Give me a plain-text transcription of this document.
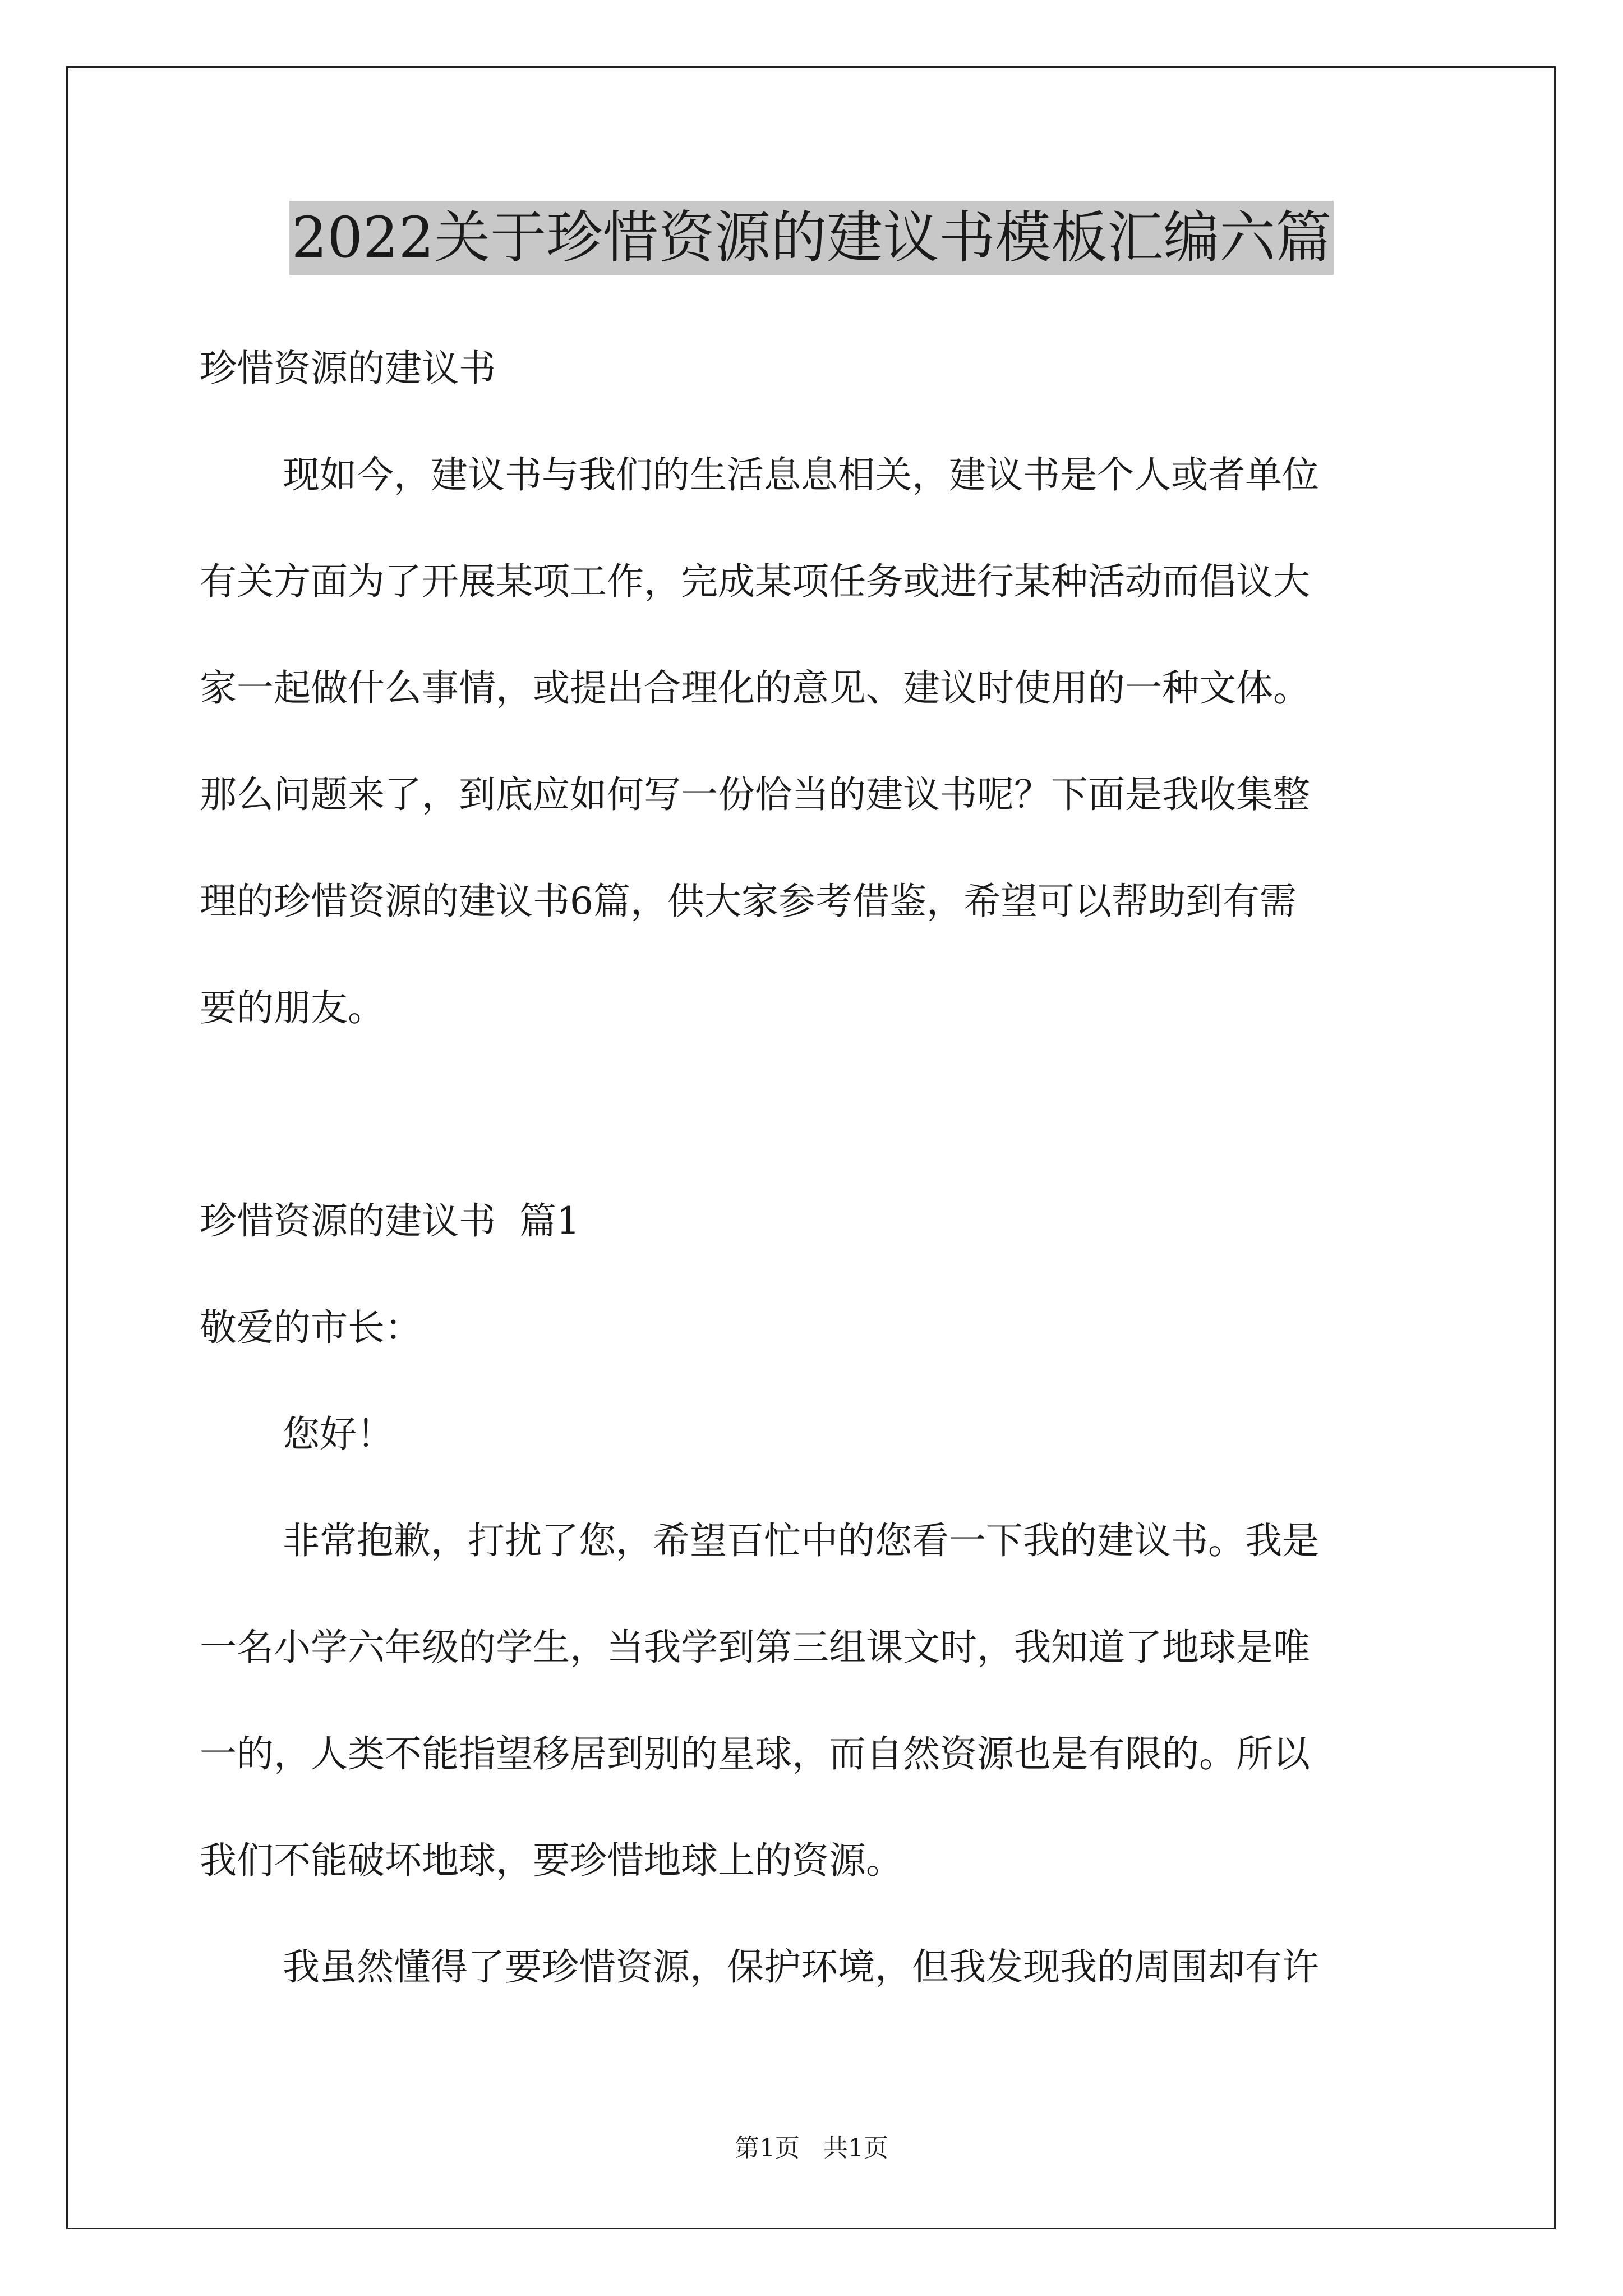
2022关于珍惜资源的建议书模板汇编六篇

珍惜资源的建议书

现如今，建议书与我们的生活息息相关，建议书是个人或者单位

有关方面为了开展某项工作，完成某项任务或进行某种活动而倡议大

家一起做什么事情，或提出合理化的意见、建议时使用的一种文体。

那么问题来了，到底应如何写一份恰当的建议书呢？下面是我收集整

理的珍惜资源的建议书6篇，供大家参考借鉴，希望可以帮助到有需

要的朋友。

珍惜资源的建议书  篇1

敬爱的市长：

您好！

非常抱歉，打扰了您，希望百忙中的您看一下我的建议书。我是

一名小学六年级的学生，当我学到第三组课文时，我知道了地球是唯

一的，人类不能指望移居到别的星球，而自然资源也是有限的。所以

我们不能破坏地球，要珍惜地球上的资源。

我虽然懂得了要珍惜资源，保护环境，但我发现我的周围却有许

第1页   共1页
